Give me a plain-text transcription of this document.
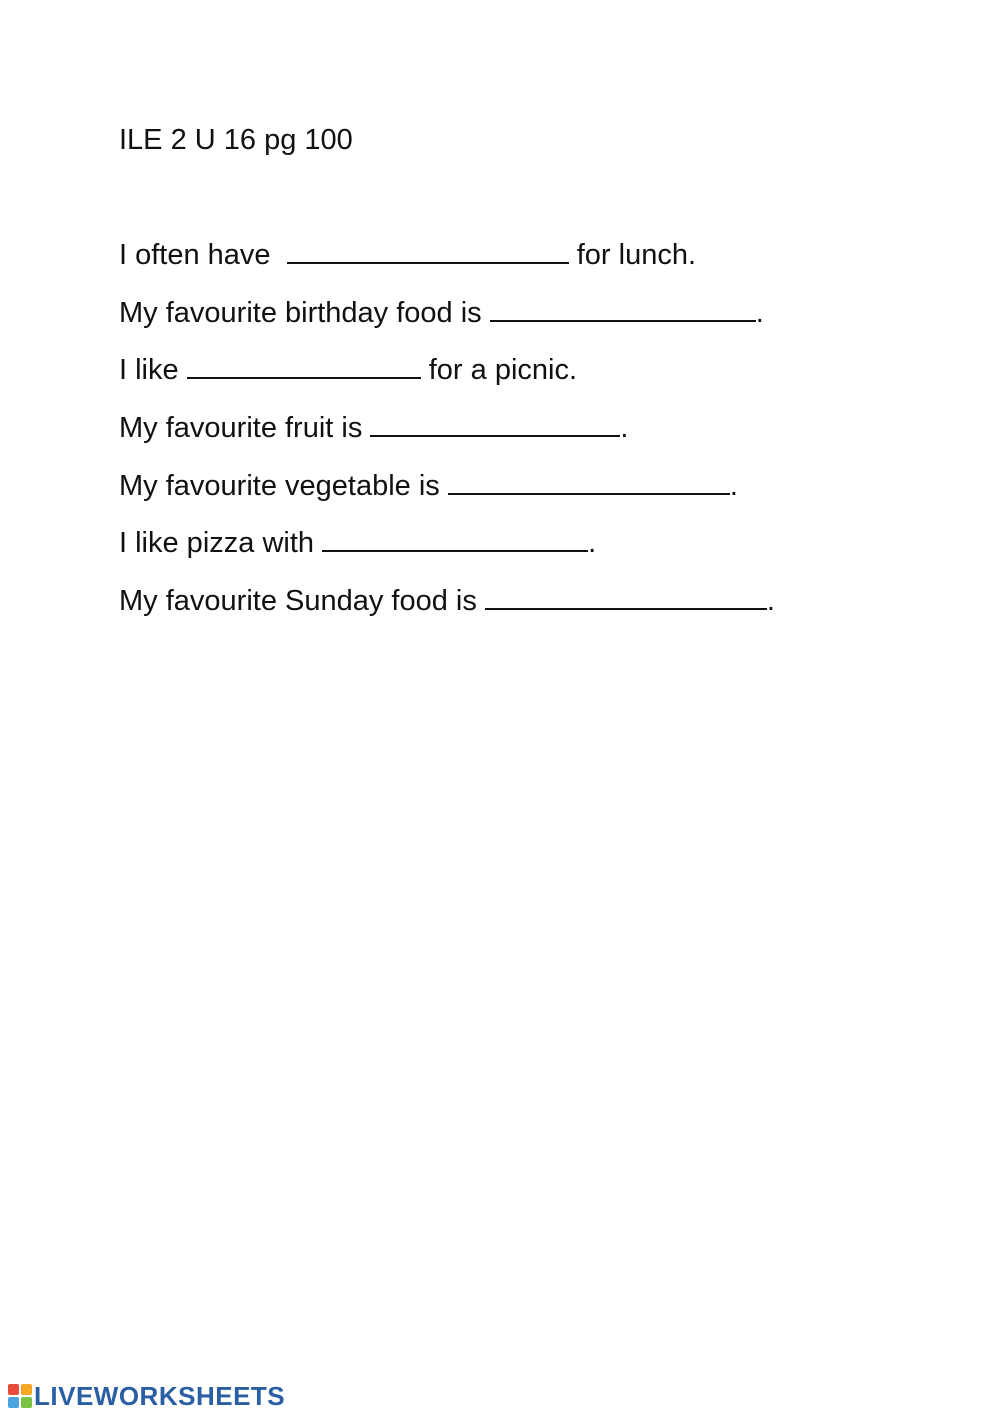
ILE 2 U 16 pg 100
I often have	for lunch.
My favourite birthday food is	.
I like	for a picnic.
My favourite fruit is	.
My favourite vegetable is	.
I like pizza with	.
My favourite Sunday food is	.
LIVEWORKSHEETS
